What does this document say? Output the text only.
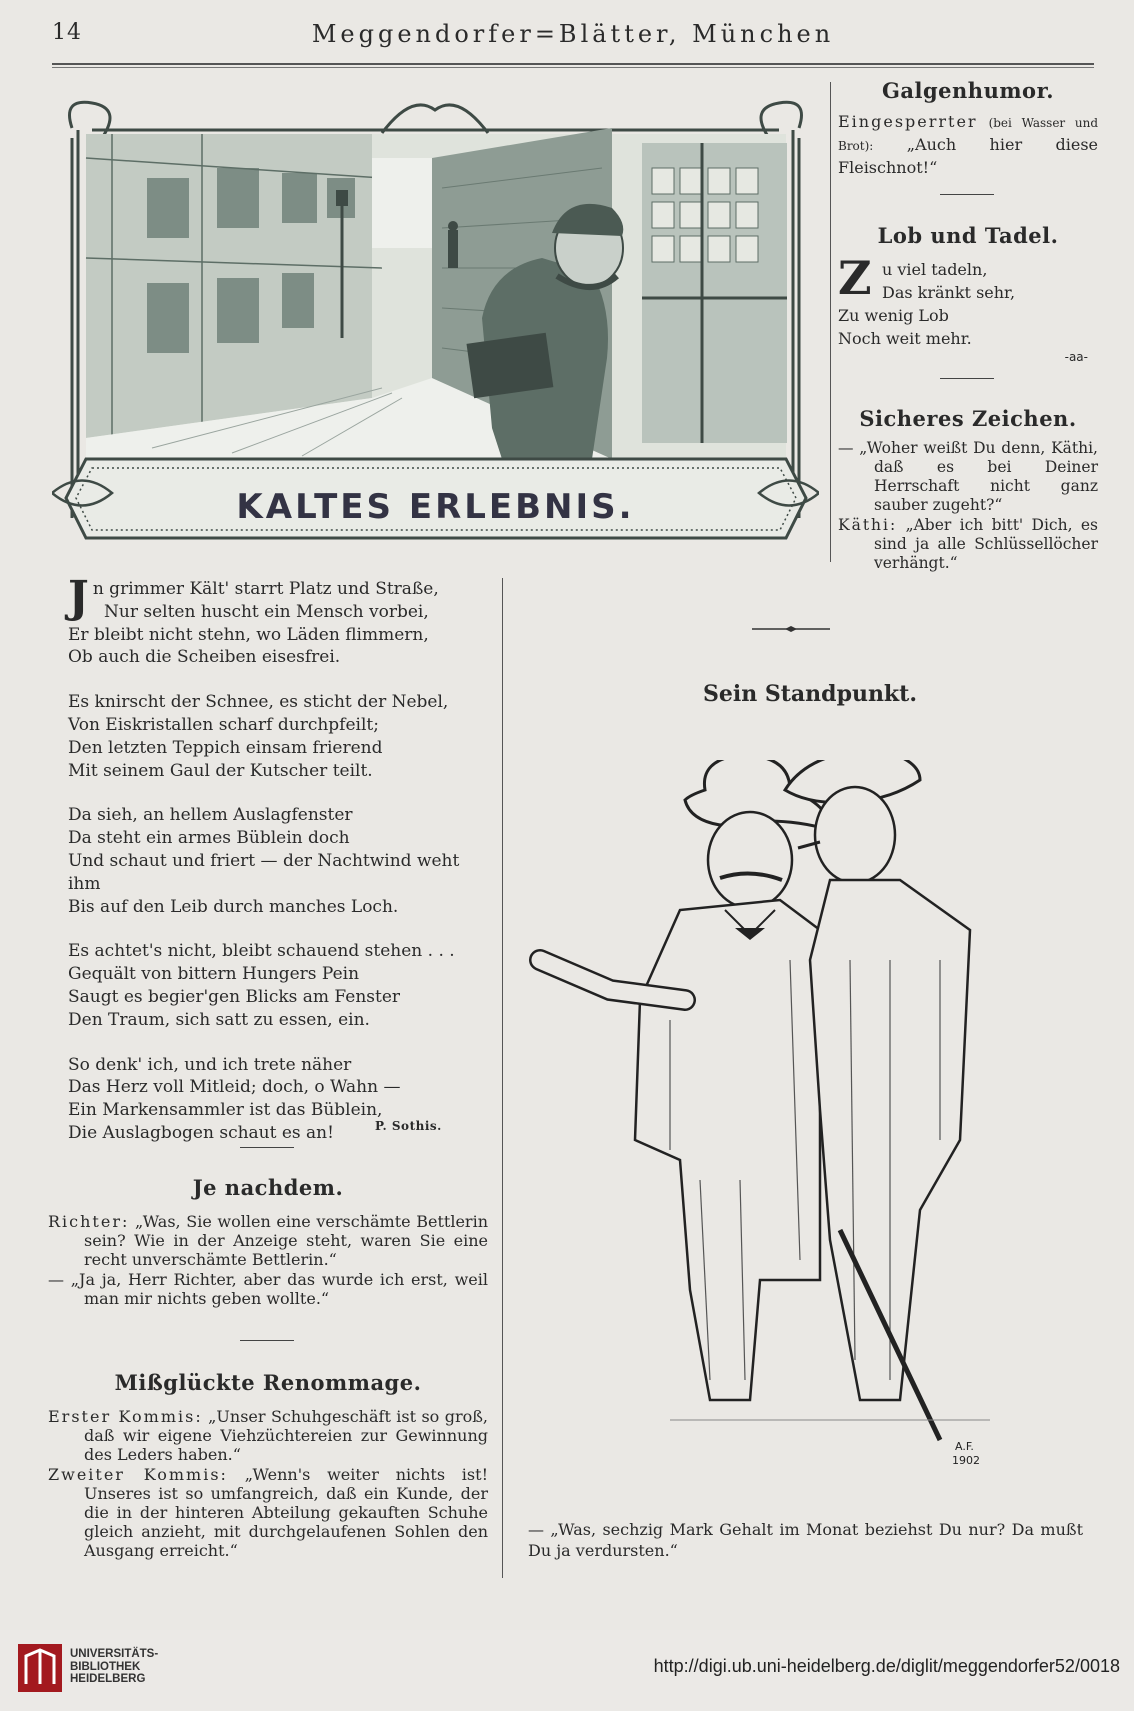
14	Meggendorfer=Blätter, München
KALTES ERLEBNIS.
Galgenhumor.
Eingesperrter (bei Wasser und Brot): „Auch hier diese Fleischnot!“
Lob und Tadel.
Zu viel tadeln,
Das kränkt sehr,
Zu wenig Lob
Noch weit mehr.
-aa-
Sicheres Zeichen.

— „Woher weißt Du denn, Käthi, daß es bei Deiner Herrschaft nicht ganz sauber zugeht?“

Käthi: „Aber ich bitt' Dich, es sind ja alle Schlüssellöcher verhängt.“

Jn grimmer Kält' starrt Platz und Straße,
Nur selten huscht ein Mensch vorbei,
Er bleibt nicht stehn, wo Läden flimmern,
Ob auch die Scheiben eisesfrei.
Es knirscht der Schnee, es sticht der Nebel,
Von Eiskristallen scharf durchpfeilt;
Den letzten Teppich einsam frierend
Mit seinem Gaul der Kutscher teilt.
Da sieh, an hellem Auslagfenster
Da steht ein armes Büblein doch
Und schaut und friert — der Nachtwind weht ihm
Bis auf den Leib durch manches Loch.
Es achtet's nicht, bleibt schauend stehen . . .
Gequält von bittern Hungers Pein
Saugt es begier'gen Blicks am Fenster
Den Traum, sich satt zu essen, ein.
So denk' ich, und ich trete näher
Das Herz voll Mitleid; doch, o Wahn —
Ein Markensammler ist das Büblein,
Die Auslagbogen schaut es an!	P. Sothis.
Je nachdem.

Richter: „Was, Sie wollen eine verschämte Bettlerin sein? Wie in der Anzeige steht, waren Sie eine recht unverschämte Bettlerin.“

— „Ja ja, Herr Richter, aber das wurde ich erst, weil man mir nichts geben wollte.“

Mißglückte Renommage.

Erster Kommis: „Unser Schuhgeschäft ist so groß, daß wir eigene Viehzüchtereien zur Gewinnung des Leders haben.“

Zweiter Kommis: „Wenn's weiter nichts ist! Unseres ist so umfangreich, daß ein Kunde, der die in der hinteren Abteilung gekauften Schuhe gleich anzieht, mit durchgelaufenen Sohlen den Ausgang erreicht.“

Sein Standpunkt.
A.F.
1902
— „Was, sechzig Mark Gehalt im Monat beziehst Du nur? Da mußt Du ja verdursten.“
UNIVERSITÄTS-
BIBLIOTHEK
HEIDELBERG
http://digi.ub.uni-heidelberg.de/diglit/meggendorfer52/0018
